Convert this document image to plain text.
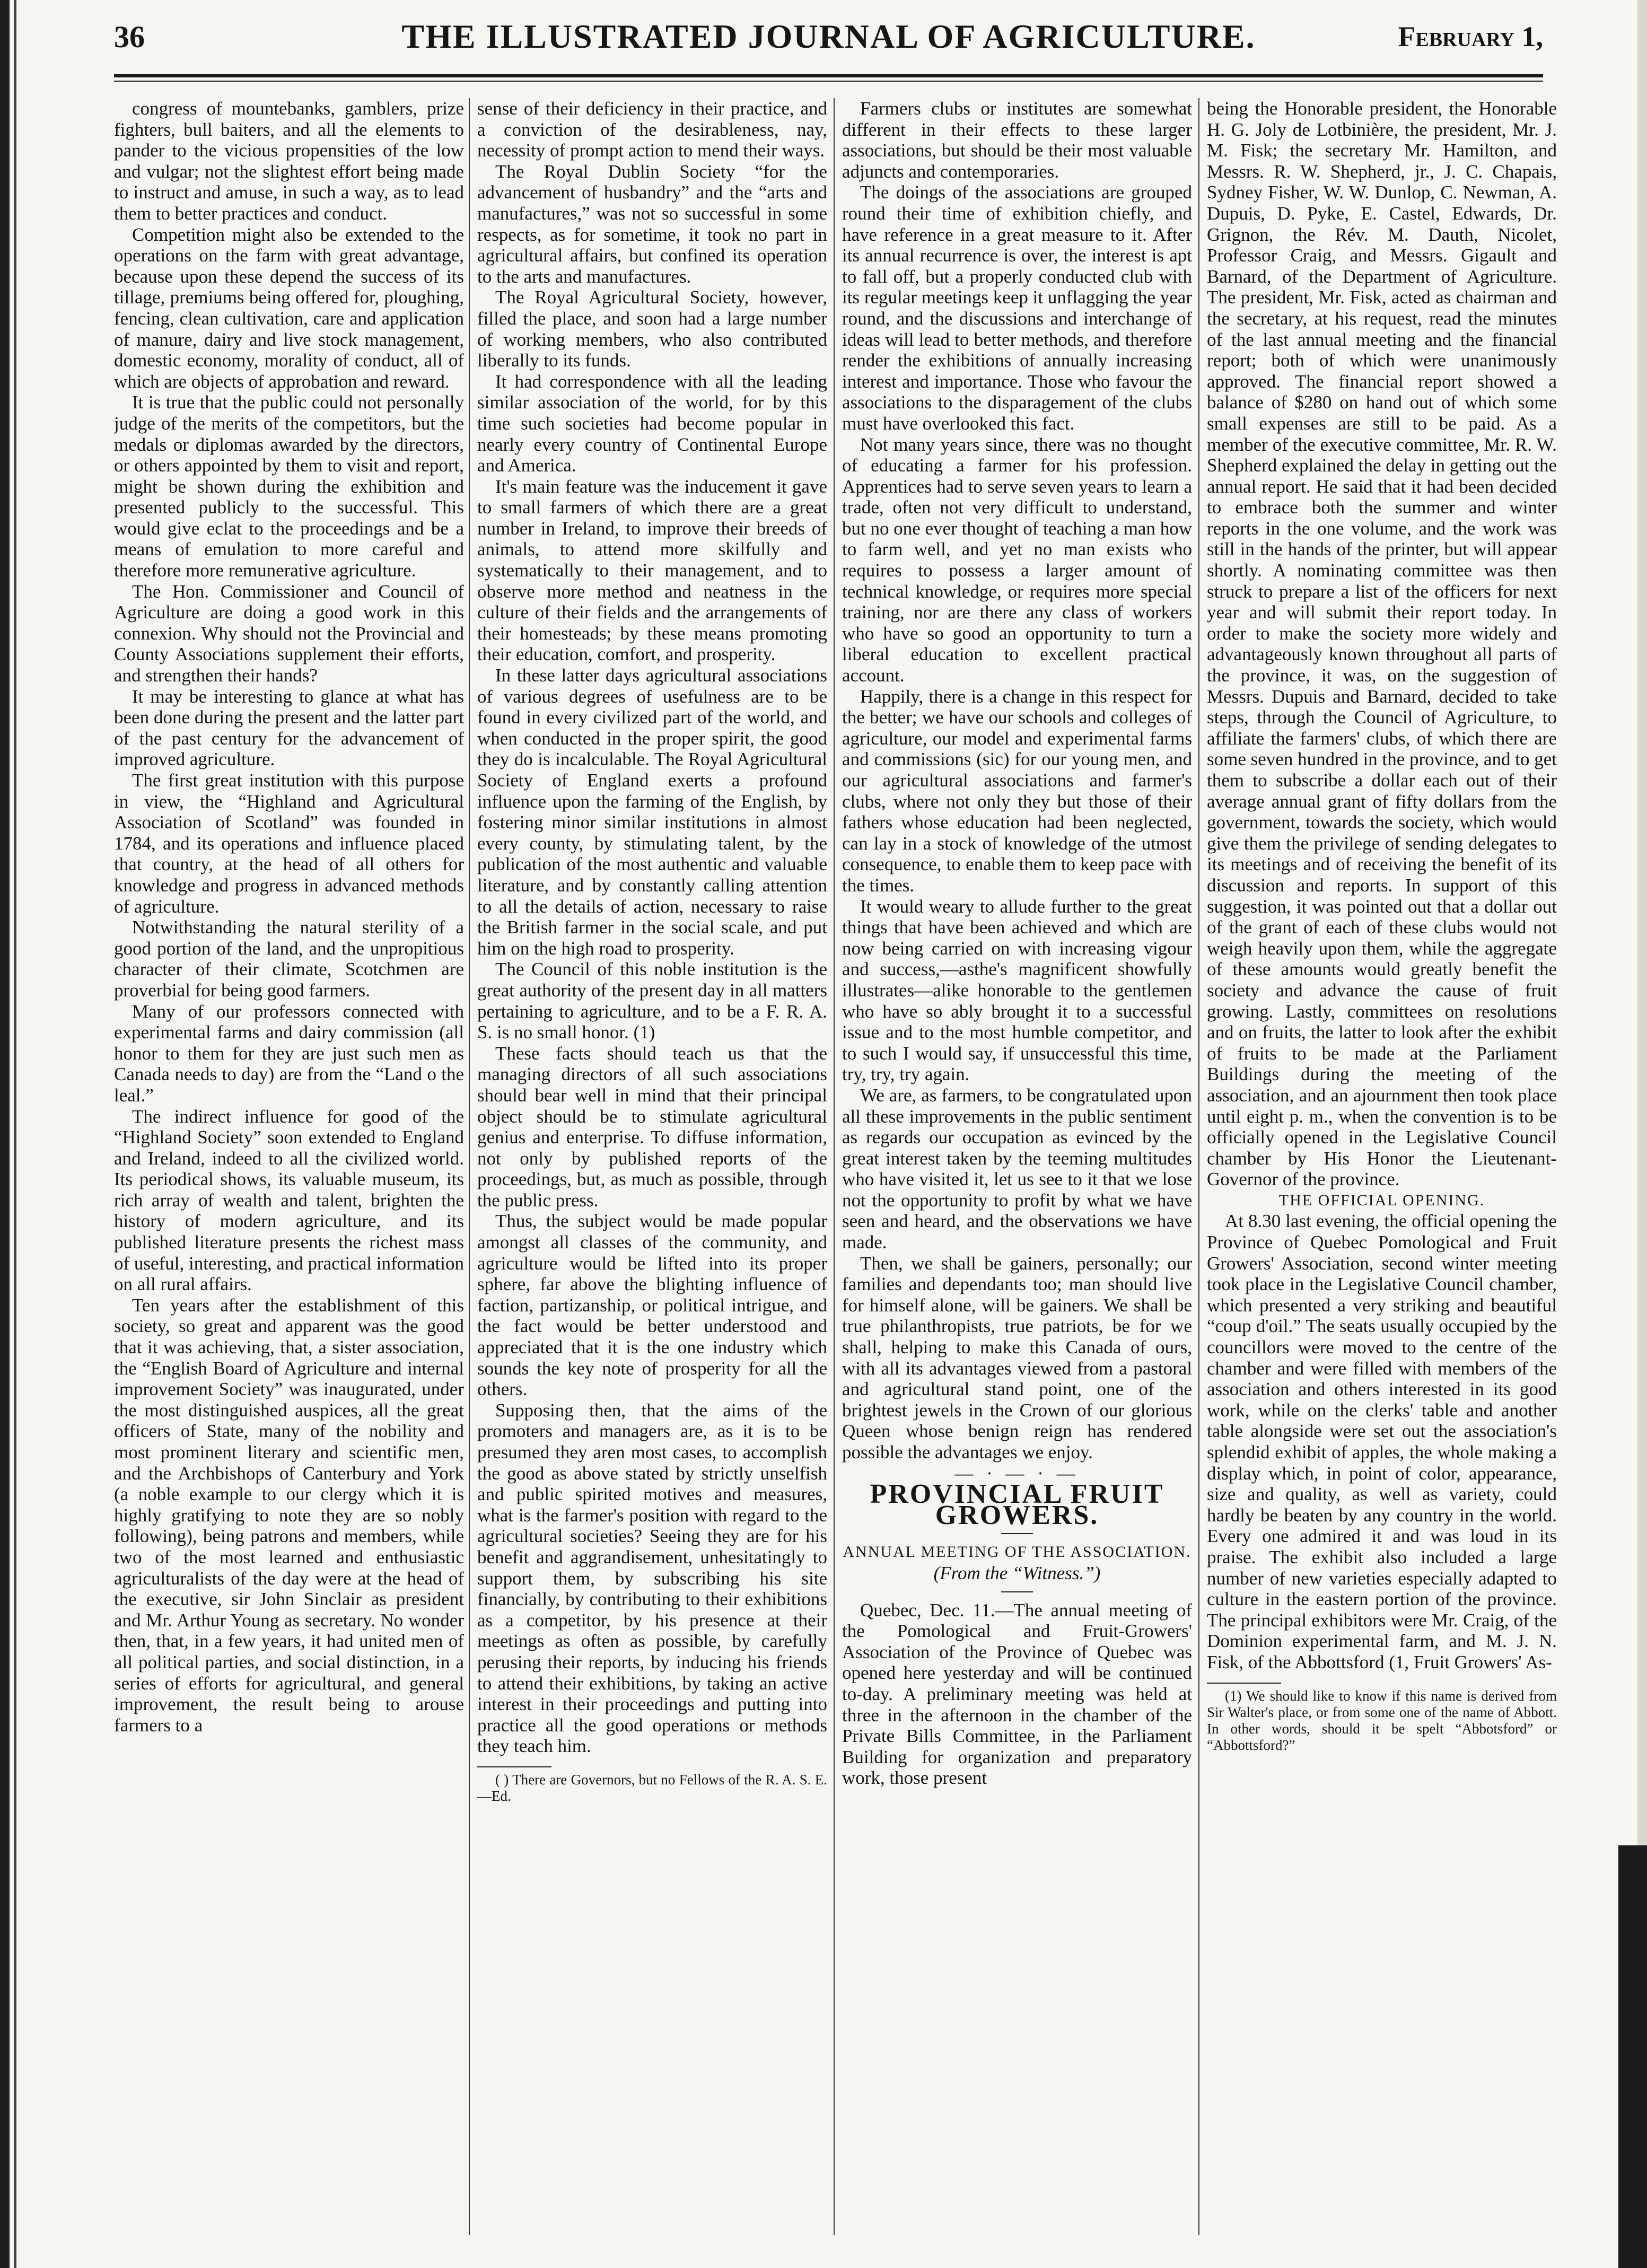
36	THE ILLUSTRATED JOURNAL OF AGRICULTURE.	February 1,

congress of mountebanks, gamblers, prize fighters, bull baiters, and all the elements to pander to the vicious propensities of the low and vulgar; not the slightest effort being made to instruct and amuse, in such a way, as to lead them to better practices and conduct.

Competition might also be extended to the operations on the farm with great advantage, because upon these depend the success of its tillage, premiums being offered for, ploughing, fencing, clean cultivation, care and application of manure, dairy and live stock management, domestic economy, morality of conduct, all of which are objects of approbation and reward.

It is true that the public could not personally judge of the merits of the competitors, but the medals or diplomas awarded by the directors, or others appointed by them to visit and report, might be shown during the exhibition and presented publicly to the successful. This would give eclat to the proceedings and be a means of emulation to more careful and therefore more remunerative agriculture.

The Hon. Commissioner and Council of Agriculture are doing a good work in this connexion. Why should not the Provincial and County Associations supplement their efforts, and strengthen their hands?

It may be interesting to glance at what has been done during the present and the latter part of the past century for the advancement of improved agriculture.

The first great institution with this purpose in view, the “Highland and Agricultural Association of Scotland” was founded in 1784, and its operations and influence placed that country, at the head of all others for knowledge and progress in advanced methods of agriculture.

Notwithstanding the natural sterility of a good portion of the land, and the unpropitious character of their climate, Scotchmen are proverbial for being good farmers.

Many of our professors connected with experimental farms and dairy commission (all honor to them for they are just such men as Canada needs to day) are from the “Land o the leal.”

The indirect influence for good of the “Highland Society” soon extended to England and Ireland, indeed to all the civilized world. Its periodical shows, its valuable museum, its rich array of wealth and talent, brighten the history of modern agriculture, and its published literature presents the richest mass of useful, interesting, and practical information on all rural affairs.

Ten years after the establishment of this society, so great and apparent was the good that it was achieving, that, a sister association, the “English Board of Agriculture and internal improvement Society” was inaugurated, under the most distinguished auspices, all the great officers of State, many of the nobility and most prominent literary and scientific men, and the Archbishops of Canterbury and York (a noble example to our clergy which it is highly gratifying to note they are so nobly following), being patrons and members, while two of the most learned and enthusiastic agriculturalists of the day were at the head of the executive, sir John Sinclair as president and Mr. Arthur Young as secretary. No wonder then, that, in a few years, it had united men of all political parties, and social distinction, in a series of efforts for agricultural, and general improvement, the result being to arouse farmers to a

sense of their deficiency in their practice, and a conviction of the desirableness, nay, necessity of prompt action to mend their ways.

The Royal Dublin Society “for the advancement of husbandry” and the “arts and manufactures,” was not so successful in some respects, as for sometime, it took no part in agricultural affairs, but confined its operation to the arts and manufactures.

The Royal Agricultural Society, however, filled the place, and soon had a large number of working members, who also contributed liberally to its funds.

It had correspondence with all the leading similar association of the world, for by this time such societies had become popular in nearly every country of Continental Europe and America.

It's main feature was the inducement it gave to small farmers of which there are a great number in Ireland, to improve their breeds of animals, to attend more skilfully and systematically to their management, and to observe more method and neatness in the culture of their fields and the arrangements of their homesteads; by these means promoting their education, comfort, and prosperity.

In these latter days agricultural associations of various degrees of usefulness are to be found in every civilized part of the world, and when conducted in the proper spirit, the good they do is incalculable. The Royal Agricultural Society of England exerts a profound influence upon the farming of the English, by fostering minor similar institutions in almost every county, by stimulating talent, by the publication of the most authentic and valuable literature, and by constantly calling attention to all the details of action, necessary to raise the British farmer in the social scale, and put him on the high road to prosperity.

The Council of this noble institution is the great authority of the present day in all matters pertaining to agriculture, and to be a F. R. A. S. is no small honor. (1)

These facts should teach us that the managing directors of all such associations should bear well in mind that their principal object should be to stimulate agricultural genius and enterprise. To diffuse information, not only by published reports of the proceedings, but, as much as possible, through the public press.

Thus, the subject would be made popular amongst all classes of the community, and agriculture would be lifted into its proper sphere, far above the blighting influence of faction, partizanship, or political intrigue, and the fact would be better understood and appreciated that it is the one industry which sounds the key note of prosperity for all the others.

Supposing then, that the aims of the promoters and managers are, as it is to be presumed they aren most cases, to accomplish the good as above stated by strictly unselfish and public spirited motives and measures, what is the farmer's position with regard to the agricultural societies? Seeing they are for his benefit and aggrandisement, unhesitatingly to support them, by subscribing his site financially, by contributing to their exhibitions as a competitor, by his presence at their meetings as often as possible, by carefully perusing their reports, by inducing his friends to attend their exhibitions, by taking an active interest in their proceedings and putting into practice all the good operations or methods they teach him.

( ) There are Governors, but no Fellows of the R. A. S. E.—Ed.

Farmers clubs or institutes are somewhat different in their effects to these larger associations, but should be their most valuable adjuncts and contemporaries.

The doings of the associations are grouped round their time of exhibition chiefly, and have reference in a great measure to it. After its annual recurrence is over, the interest is apt to fall off, but a properly conducted club with its regular meetings keep it unflagging the year round, and the discussions and interchange of ideas will lead to better methods, and therefore render the exhibitions of annually increasing interest and importance. Those who favour the associations to the disparagement of the clubs must have overlooked this fact.

Not many years since, there was no thought of educating a farmer for his profession. Apprentices had to serve seven years to learn a trade, often not very difficult to understand, but no one ever thought of teaching a man how to farm well, and yet no man exists who requires to possess a larger amount of technical knowledge, or requires more special training, nor are there any class of workers who have so good an opportunity to turn a liberal education to excellent practical account.

Happily, there is a change in this respect for the better; we have our schools and colleges of agriculture, our model and experimental farms and commissions (sic) for our young men, and our agricultural associations and farmer's clubs, where not only they but those of their fathers whose education had been neglected, can lay in a stock of knowledge of the utmost consequence, to enable them to keep pace with the times.

It would weary to allude further to the great things that have been achieved and which are now being carried on with increasing vigour and success,—asthe's magnificent showfully illustrates—alike honorable to the gentlemen who have so ably brought it to a successful issue and to the most humble competitor, and to such I would say, if unsuccessful this time, try, try, try again.

We are, as farmers, to be congratulated upon all these improvements in the public sentiment as regards our occupation as evinced by the great interest taken by the teeming multitudes who have visited it, let us see to it that we lose not the opportunity to profit by what we have seen and heard, and the observations we have made.

Then, we shall be gainers, personally; our families and dependants too; man should live for himself alone, will be gainers. We shall be true philanthropists, true patriots, be for we shall, helping to make this Canada of ours, with all its advantages viewed from a pastoral and agricultural stand point, one of the brightest jewels in the Crown of our glorious Queen whose benign reign has rendered possible the advantages we enjoy.

— · — · —

PROVINCIAL FRUIT GROWERS.

ANNUAL MEETING OF THE ASSOCIATION.

(From the “Witness.”)

Quebec, Dec. 11.—The annual meeting of the Pomological and Fruit-Growers' Association of the Province of Quebec was opened here yesterday and will be continued to-day. A preliminary meeting was held at three in the afternoon in the chamber of the Private Bills Committee, in the Parliament Building for organization and preparatory work, those present

being the Honorable president, the Honorable H. G. Joly de Lotbinière, the president, Mr. J. M. Fisk; the secretary Mr. Hamilton, and Messrs. R. W. Shepherd, jr., J. C. Chapais, Sydney Fisher, W. W. Dunlop, C. Newman, A. Dupuis, D. Pyke, E. Castel, Edwards, Dr. Grignon, the Rév. M. Dauth, Nicolet, Professor Craig, and Messrs. Gigault and Barnard, of the Department of Agriculture. The president, Mr. Fisk, acted as chairman and the secretary, at his request, read the minutes of the last annual meeting and the financial report; both of which were unanimously approved. The financial report showed a balance of $280 on hand out of which some small expenses are still to be paid. As a member of the executive committee, Mr. R. W. Shepherd explained the delay in getting out the annual report. He said that it had been decided to embrace both the summer and winter reports in the one volume, and the work was still in the hands of the printer, but will appear shortly. A nominating committee was then struck to prepare a list of the officers for next year and will submit their report today. In order to make the society more widely and advantageously known throughout all parts of the province, it was, on the suggestion of Messrs. Dupuis and Barnard, decided to take steps, through the Council of Agriculture, to affiliate the farmers' clubs, of which there are some seven hundred in the province, and to get them to subscribe a dollar each out of their average annual grant of fifty dollars from the government, towards the society, which would give them the privilege of sending delegates to its meetings and of receiving the benefit of its discussion and reports. In support of this suggestion, it was pointed out that a dollar out of the grant of each of these clubs would not weigh heavily upon them, while the aggregate of these amounts would greatly benefit the society and advance the cause of fruit growing. Lastly, committees on resolutions and on fruits, the latter to look after the exhibit of fruits to be made at the Parliament Buildings during the meeting of the association, and an ajournment then took place until eight p. m., when the convention is to be officially opened in the Legislative Council chamber by His Honor the Lieutenant-Governor of the province.

THE OFFICIAL OPENING.

At 8.30 last evening, the official opening the Province of Quebec Pomological and Fruit Growers' Association, second winter meeting took place in the Legislative Council chamber, which presented a very striking and beautiful “coup d'oil.” The seats usually occupied by the councillors were moved to the centre of the chamber and were filled with members of the association and others interested in its good work, while on the clerks' table and another table alongside were set out the association's splendid exhibit of apples, the whole making a display which, in point of color, appearance, size and quality, as well as variety, could hardly be beaten by any country in the world. Every one admired it and was loud in its praise. The exhibit also included a large number of new varieties especially adapted to culture in the eastern portion of the province. The principal exhibitors were Mr. Craig, of the Dominion experimental farm, and M. J. N. Fisk, of the Abbottsford (1, Fruit Growers' As-

(1) We should like to know if this name is derived from Sir Walter's place, or from some one of the name of Abbott. In other words, should it be spelt “Abbotsford” or “Abbottsford?”
